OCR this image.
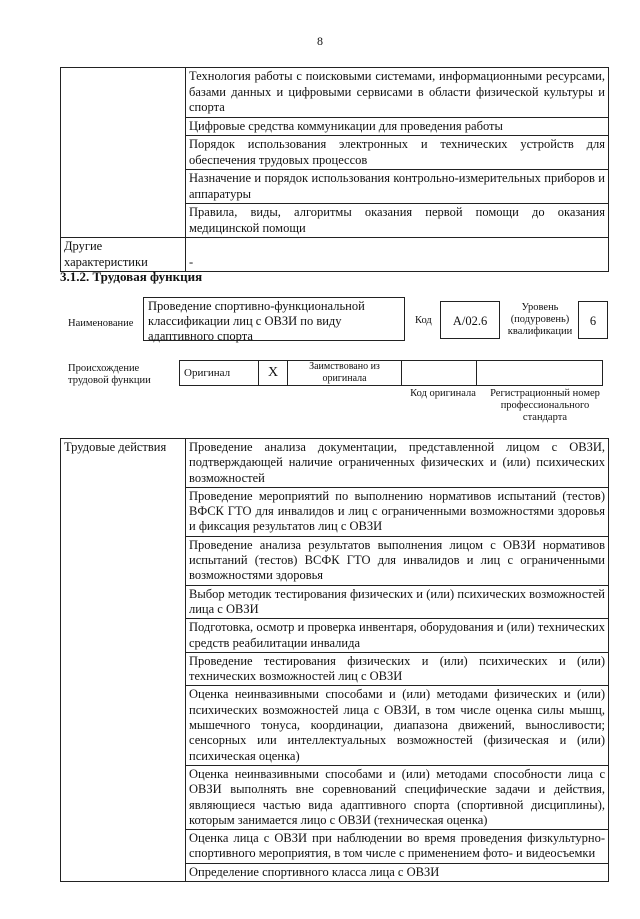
8
	Технология работы с поисковыми системами, информационными ресурсами, базами данных и цифровыми сервисами в области физической культуры и спорта
	Цифровые средства коммуникации для проведения работы
	Порядок использования электронных и технических устройств для обеспечения трудовых процессов
	Назначение и порядок использования контрольно-измерительных приборов и аппаратуры
	Правила, виды, алгоритмы оказания первой помощи до оказания медицинской помощи
Другие характеристики	-
3.1.2. Трудовая функция
Наименование
Проведение спортивно-функциональной классификации лиц с ОВЗИ по виду адаптивного спорта
Код	A/02.6
Уровень (подуровень) квалификации
6
Происхождение трудовой функции
Оригинал	X	Заимствовано из оригинала		
Код оригинала	Регистрационный номер профессионального стандарта
Трудовые действия	Проведение анализа документации, представленной лицом с ОВЗИ, подтверждающей наличие ограниченных физических и (или) психических возможностей
Проведение мероприятий по выполнению нормативов испытаний (тестов) ВФСК ГТО для инвалидов и лиц с ограниченными возможностями здоровья и фиксация результатов лиц с ОВЗИ
Проведение анализа результатов выполнения лицом с ОВЗИ нормативов испытаний (тестов) ВСФК ГТО для инвалидов и лиц с ограниченными возможностями здоровья
Выбор методик тестирования физических и (или) психических возможностей лица с ОВЗИ
Подготовка, осмотр и проверка инвентаря, оборудования и (или) технических средств реабилитации инвалида
Проведение тестирования физических и (или) психических и (или) технических возможностей лиц с ОВЗИ
Оценка неинвазивными способами и (или) методами физических и (или) психических возможностей лица с ОВЗИ, в том числе оценка силы мышц, мышечного тонуса, координации, диапазона движений, выносливости; сенсорных или интеллектуальных возможностей (физическая и (или) психическая оценка)
Оценка неинвазивными способами и (или) методами способности лица с ОВЗИ выполнять вне соревнований специфические задачи и действия, являющиеся частью вида адаптивного спорта (спортивной дисциплины), которым занимается лицо с ОВЗИ (техническая оценка)
Оценка лица с ОВЗИ при наблюдении во время проведения физкультурно-спортивного мероприятия, в том числе с применением фото- и видеосъемки
Определение спортивного класса лица с ОВЗИ
